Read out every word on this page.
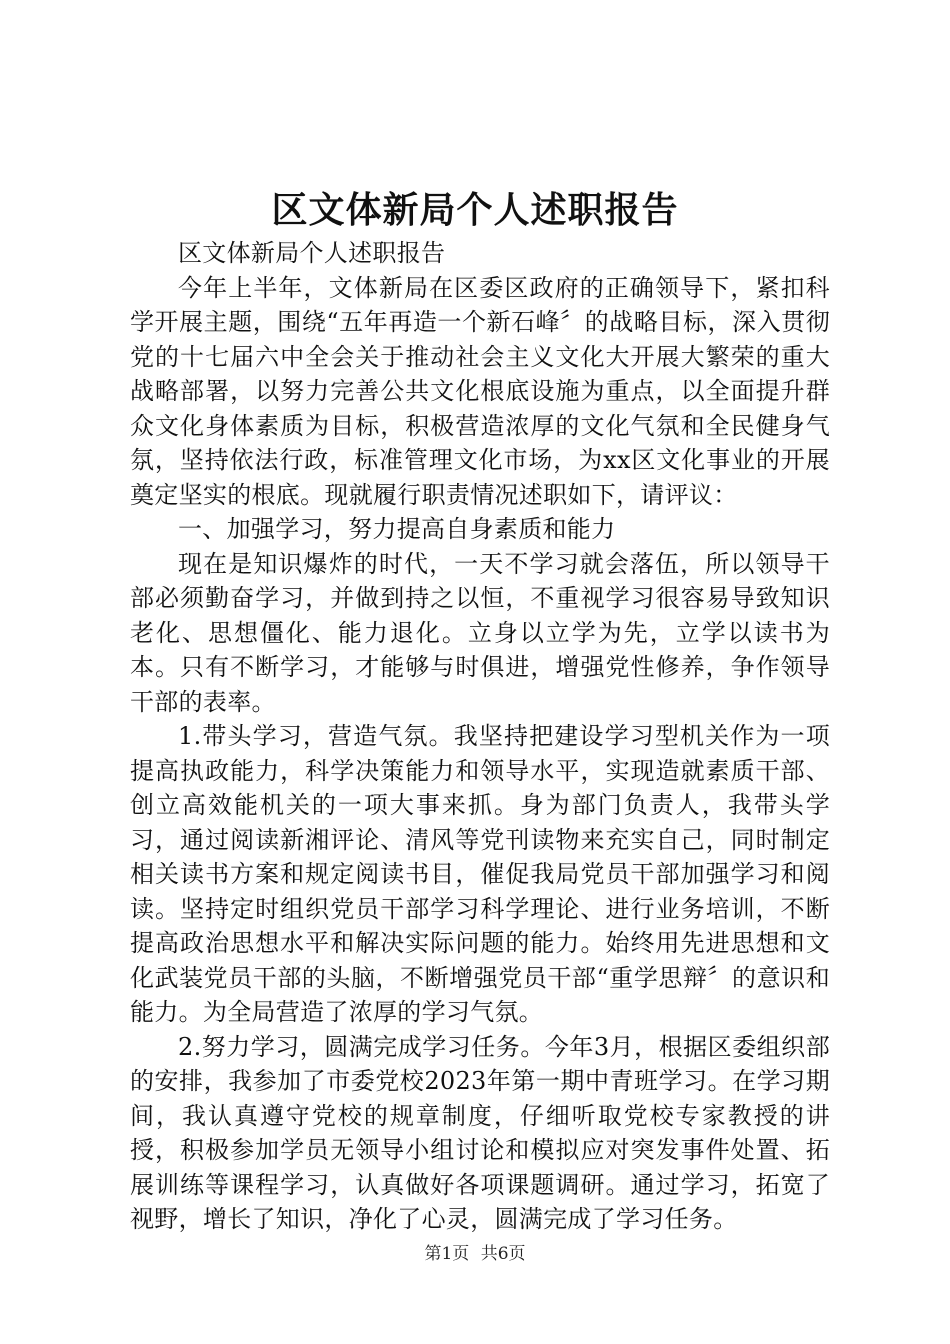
区文体新局个人述职报告

区文体新局个人述职报告

今年上半年，文体新局在区委区政府的正确领导下，紧扣科学开展主题，围绕“五年再造一个新石峰〞的战略目标，深入贯彻党的十七届六中全会关于推动社会主义文化大开展大繁荣的重大战略部署，以努力完善公共文化根底设施为重点，以全面提升群众文化身体素质为目标，积极营造浓厚的文化气氛和全民健身气氛，坚持依法行政，标准管理文化市场，为xx区文化事业的开展奠定坚实的根底。现就履行职责情况述职如下，请评议：

一、加强学习，努力提高自身素质和能力

现在是知识爆炸的时代，一天不学习就会落伍，所以领导干部必须勤奋学习，并做到持之以恒，不重视学习很容易导致知识老化、思想僵化、能力退化。立身以立学为先，立学以读书为本。只有不断学习，才能够与时俱进，增强党性修养，争作领导干部的表率。

1.带头学习，营造气氛。我坚持把建设学习型机关作为一项提高执政能力，科学决策能力和领导水平，实现造就素质干部、创立高效能机关的一项大事来抓。身为部门负责人，我带头学习，通过阅读新湘评论、清风等党刊读物来充实自己，同时制定相关读书方案和规定阅读书目，催促我局党员干部加强学习和阅读。坚持定时组织党员干部学习科学理论、进行业务培训，不断提高政治思想水平和解决实际问题的能力。始终用先进思想和文化武装党员干部的头脑，不断增强党员干部“重学思辩〞的意识和能力。为全局营造了浓厚的学习气氛。

2.努力学习，圆满完成学习任务。今年3月，根据区委组织部的安排，我参加了市委党校2023年第一期中青班学习。在学习期间，我认真遵守党校的规章制度，仔细听取党校专家教授的讲授，积极参加学员无领导小组讨论和模拟应对突发事件处置、拓展训练等课程学习，认真做好各项课题调研。通过学习，拓宽了视野，增长了知识，净化了心灵，圆满完成了学习任务。

第1页 共6页
